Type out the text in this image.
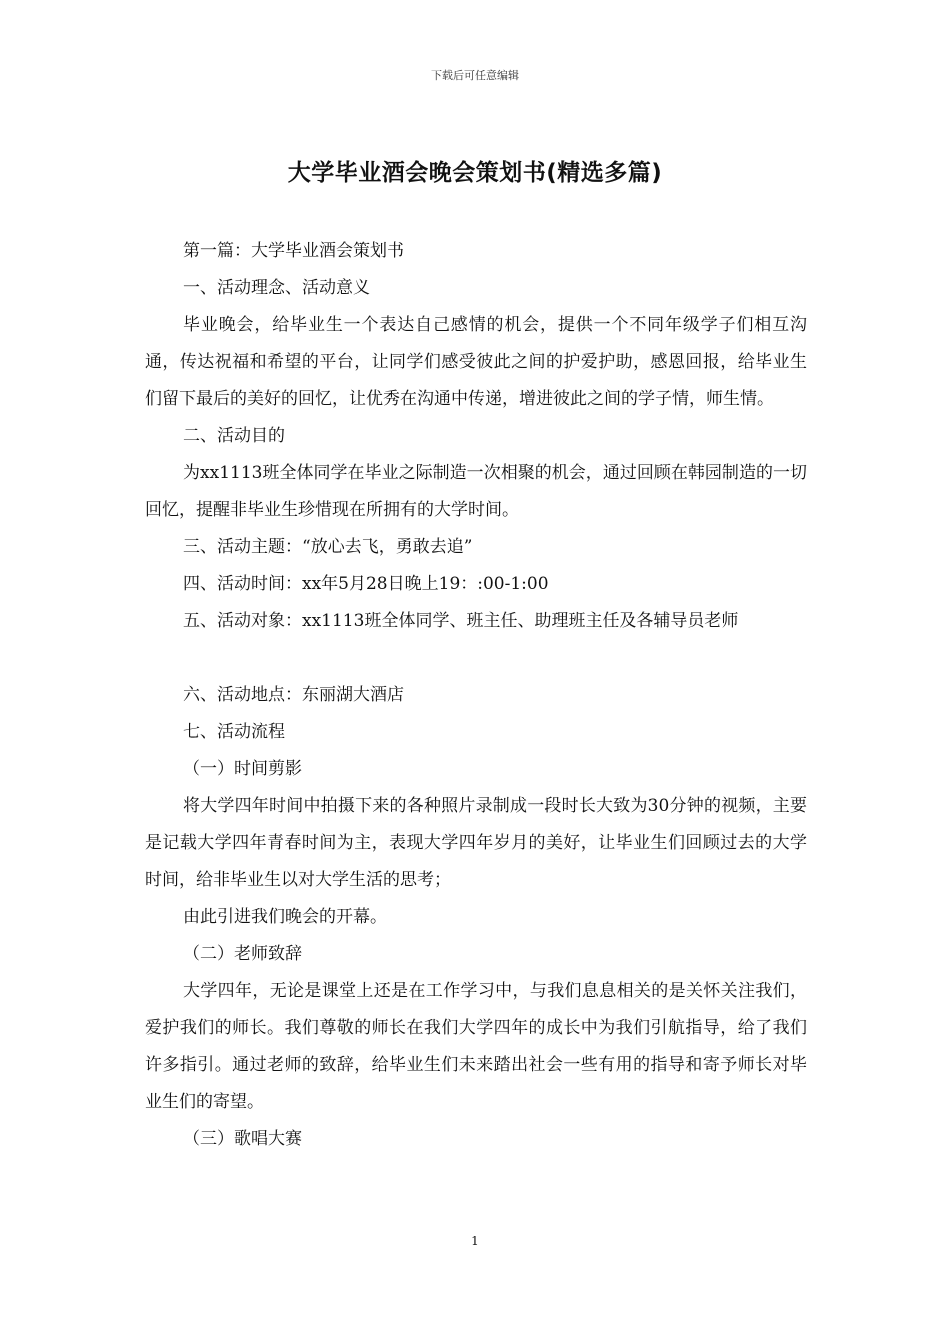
下载后可任意编辑
大学毕业酒会晚会策划书(精选多篇)

第一篇：大学毕业酒会策划书

一、活动理念、活动意义

毕业晚会，给毕业生一个表达自己感情的机会，提供一个不同年级学子们相互沟通，传达祝福和希望的平台，让同学们感受彼此之间的护爱护助，感恩回报，给毕业生们留下最后的美好的回忆，让优秀在沟通中传递，增进彼此之间的学子情，师生情。

二、活动目的

为xx1113班全体同学在毕业之际制造一次相聚的机会，通过回顾在韩园制造的一切回忆，提醒非毕业生珍惜现在所拥有的大学时间。

三、活动主题：“放心去飞，勇敢去追”

四、活动时间：xx年5月28日晚上19：:00-1:00

五、活动对象：xx1113班全体同学、班主任、助理班主任及各辅导员老师

六、活动地点：东丽湖大酒店

七、活动流程

（一）时间剪影

将大学四年时间中拍摄下来的各种照片录制成一段时长大致为30分钟的视频，主要是记载大学四年青春时间为主，表现大学四年岁月的美好，让毕业生们回顾过去的大学时间，给非毕业生以对大学生活的思考；

由此引进我们晚会的开幕。

（二）老师致辞

大学四年，无论是课堂上还是在工作学习中，与我们息息相关的是关怀关注我们，爱护我们的师长。我们尊敬的师长在我们大学四年的成长中为我们引航指导，给了我们许多指引。通过老师的致辞，给毕业生们未来踏出社会一些有用的指导和寄予师长对毕业生们的寄望。

（三）歌唱大赛

1
